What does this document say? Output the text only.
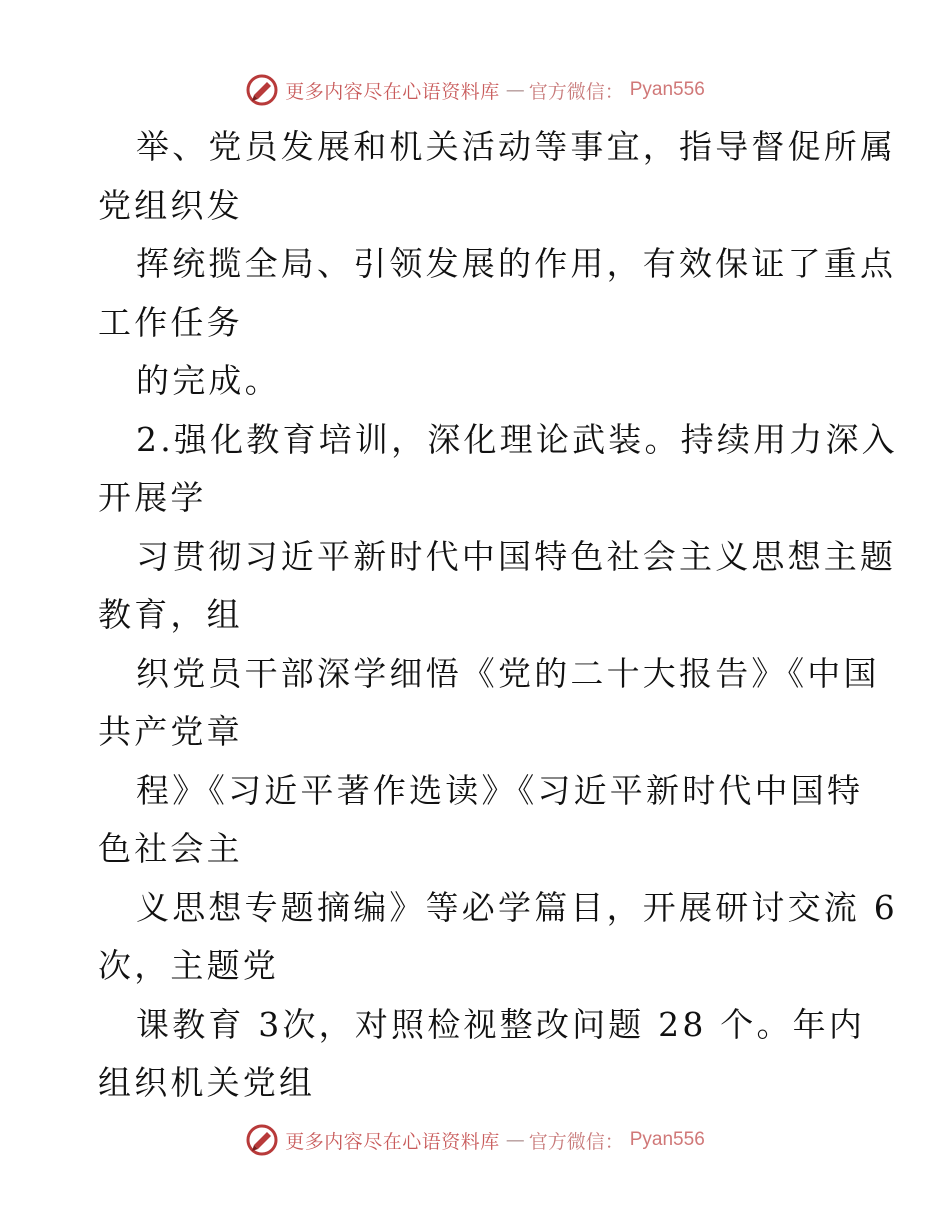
更多内容尽在心语资料库 — 官方微信： Pyan556
举、党员发展和机关活动等事宜，指导督促所属
党组织发
挥统揽全局、引领发展的作用，有效保证了重点
工作任务
的完成。
2.强化教育培训，深化理论武装。持续用力深入
开展学
习贯彻习近平新时代中国特色社会主义思想主题
教育，组
织党员干部深学细悟《党的二十大报告》《中国
共产党章
程》《习近平著作选读》《习近平新时代中国特
色社会主
义思想专题摘编》等必学篇目，开展研讨交流 6
次，主题党
课教育 3次，对照检视整改问题 28 个。年内
组织机关党组
更多内容尽在心语资料库 — 官方微信： Pyan556
